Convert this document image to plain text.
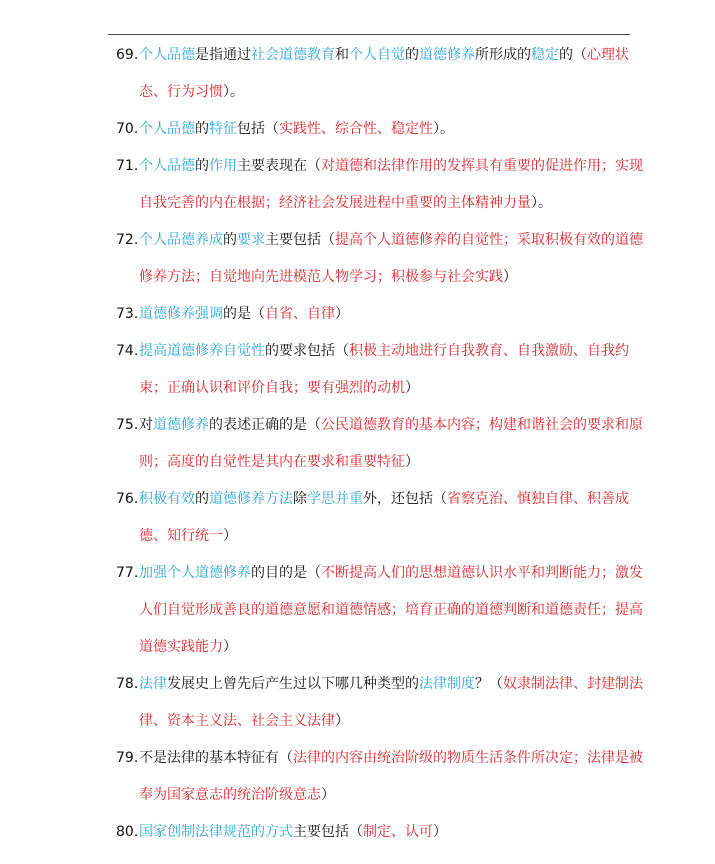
69.个人品德是指通过社会道德教育和个人自觉的道德修养所形成的稳定的（心理状态、行为习惯）。

70.个人品德的特征包括（实践性、综合性、稳定性）。

71.个人品德的作用主要表现在（对道德和法律作用的发挥具有重要的促进作用；实现自我完善的内在根据；经济社会发展进程中重要的主体精神力量）。

72.个人品德养成的要求主要包括（提高个人道德修养的自觉性；采取积极有效的道德修养方法；自觉地向先进模范人物学习；积极参与社会实践）

73.道德修养强调的是（自省、自律）

74.提高道德修养自觉性的要求包括（积极主动地进行自我教育、自我激励、自我约束；正确认识和评价自我；要有强烈的动机）

75.对道德修养的表述正确的是（公民道德教育的基本内容；构建和谐社会的要求和原则；高度的自觉性是其内在要求和重要特征）

76.积极有效的道德修养方法除学思并重外，还包括（省察克治、慎独自律、积善成德、知行统一）

77.加强个人道德修养的目的是（不断提高人们的思想道德认识水平和判断能力；激发人们自觉形成善良的道德意愿和道德情感；培育正确的道德判断和道德责任；提高道德实践能力）

78.法律发展史上曾先后产生过以下哪几种类型的法律制度？（奴隶制法律、封建制法律、资本主义法、社会主义法律）

79.不是法律的基本特征有（法律的内容由统治阶级的物质生活条件所决定；法律是被奉为国家意志的统治阶级意志）

80.国家创制法律规范的方式主要包括（制定、认可）
